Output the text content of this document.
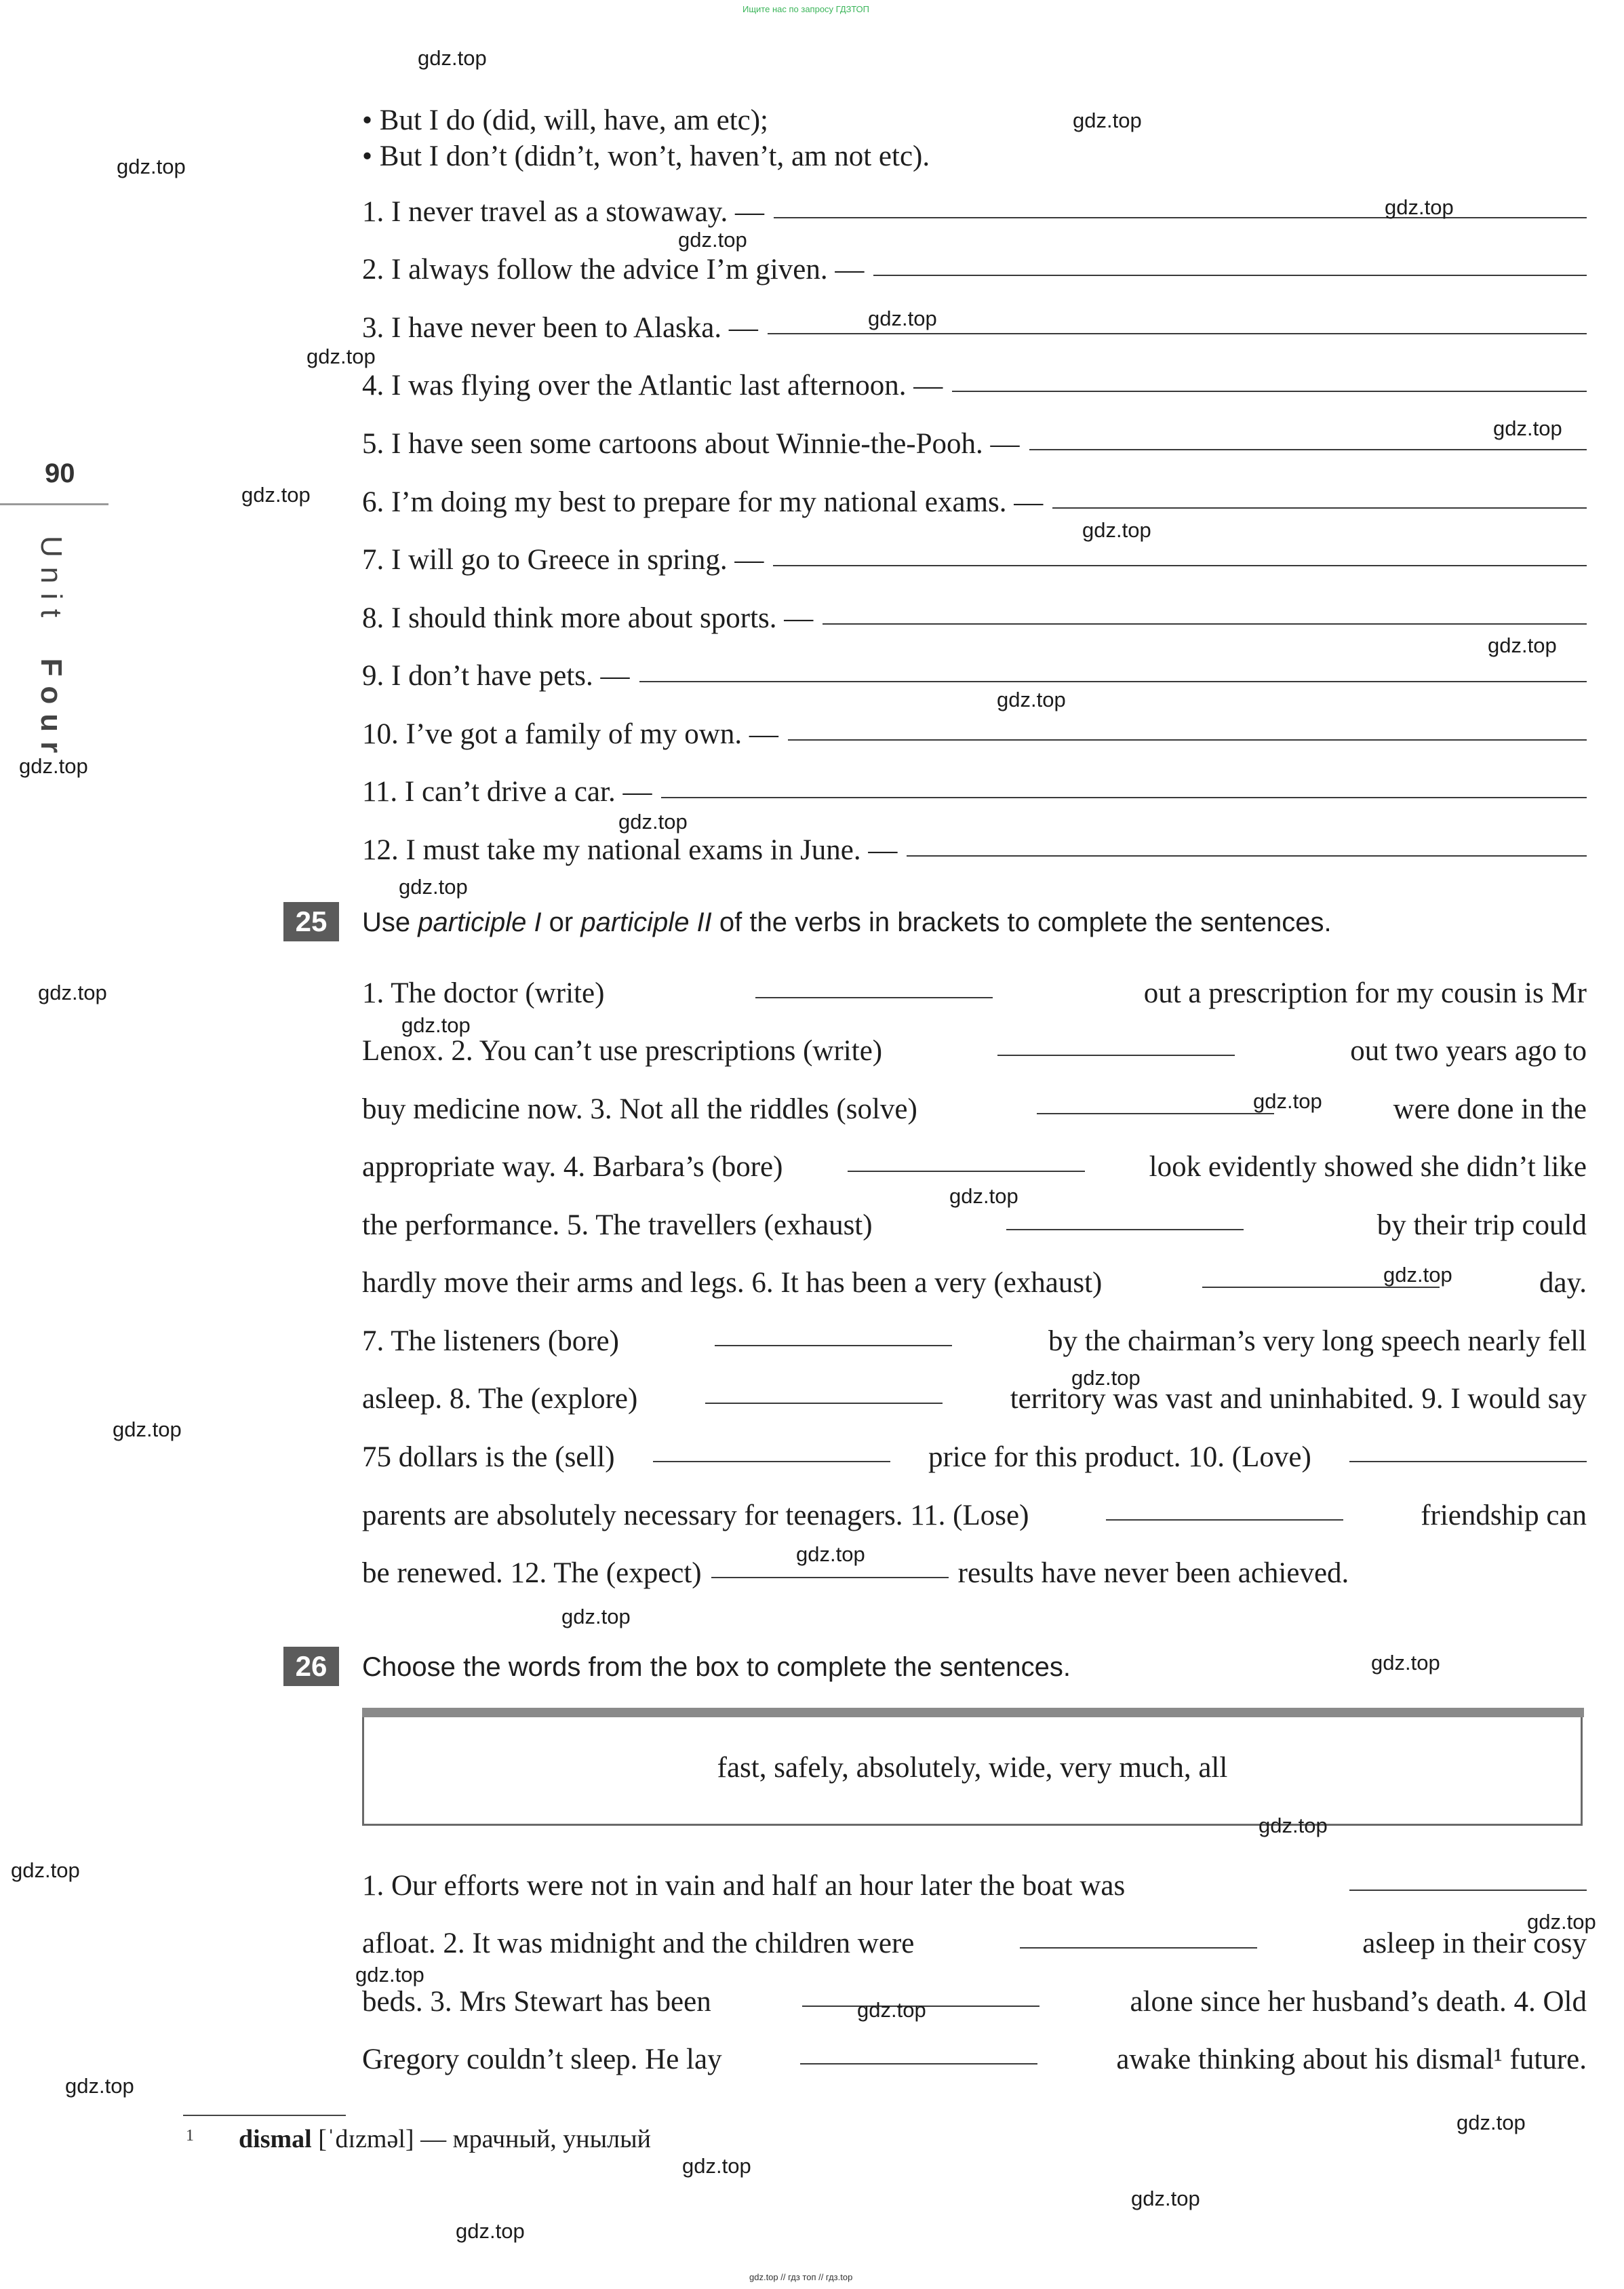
Ищите нас по запросу ГДЗТОП
gdz.top // гдз топ // гдз.top
90
Unit Four
• But I do (did, will, have, am etc);
• But I don’t (didn’t, won’t, haven’t, am not etc).
1. I never travel as a stowaway. —
2. I always follow the advice I’m given. —
3. I have never been to Alaska. —
4. I was flying over the Atlantic last afternoon. —
5. I have seen some cartoons about Winnie-the-Pooh. —
6. I’m doing my best to prepare for my national exams. —
7. I will go to Greece in spring. —
8. I should think more about sports. —
9. I don’t have pets. —
10. I’ve got a family of my own. —
11. I can’t drive a car. —
12. I must take my national exams in June. —
25	Use participle I or participle II of the verbs in brackets to complete the sentences.
1. The doctor (write)	out a prescription for my cousin is Mr
Lenox. 2. You can’t use prescriptions (write)	out two years ago to
buy medicine now. 3. Not all the riddles (solve)	were done in the
appropriate way. 4. Barbara’s (bore)	look evidently showed she didn’t like
the performance. 5. The travellers (exhaust)	by their trip could
hardly move their arms and legs. 6. It has been a very (exhaust)	day.
7. The listeners (bore)	by the chairman’s very long speech nearly fell
asleep. 8. The (explore)	territory was vast and uninhabited. 9. I would say
75 dollars is the (sell)	price for this product. 10. (Love)
parents are absolutely necessary for teenagers. 11. (Lose)	friendship can
be renewed. 12. The (expect)	results have never been achieved.
26	Choose the words from the box to complete the sentences.
fast, safely, absolutely, wide, very much, all
1. Our efforts were not in vain and half an hour later the boat was
afloat. 2. It was midnight and the children were	asleep in their cosy
beds. 3. Mrs Stewart has been	alone since her husband’s death. 4. Old
Gregory couldn’t sleep. He lay	awake thinking about his dismal¹ future.
1 dismal [ˈdɪzməl] — мрачный, унылый
gdz.top
gdz.top
gdz.top
gdz.top
gdz.top
gdz.top
gdz.top
gdz.top
gdz.top
gdz.top
gdz.top
gdz.top
gdz.top
gdz.top
gdz.top
gdz.top
gdz.top
gdz.top
gdz.top
gdz.top
gdz.top
gdz.top
gdz.top
gdz.top
gdz.top
gdz.top
gdz.top
gdz.top
gdz.top
gdz.top
gdz.top
gdz.top
gdz.top
gdz.top
gdz.top
